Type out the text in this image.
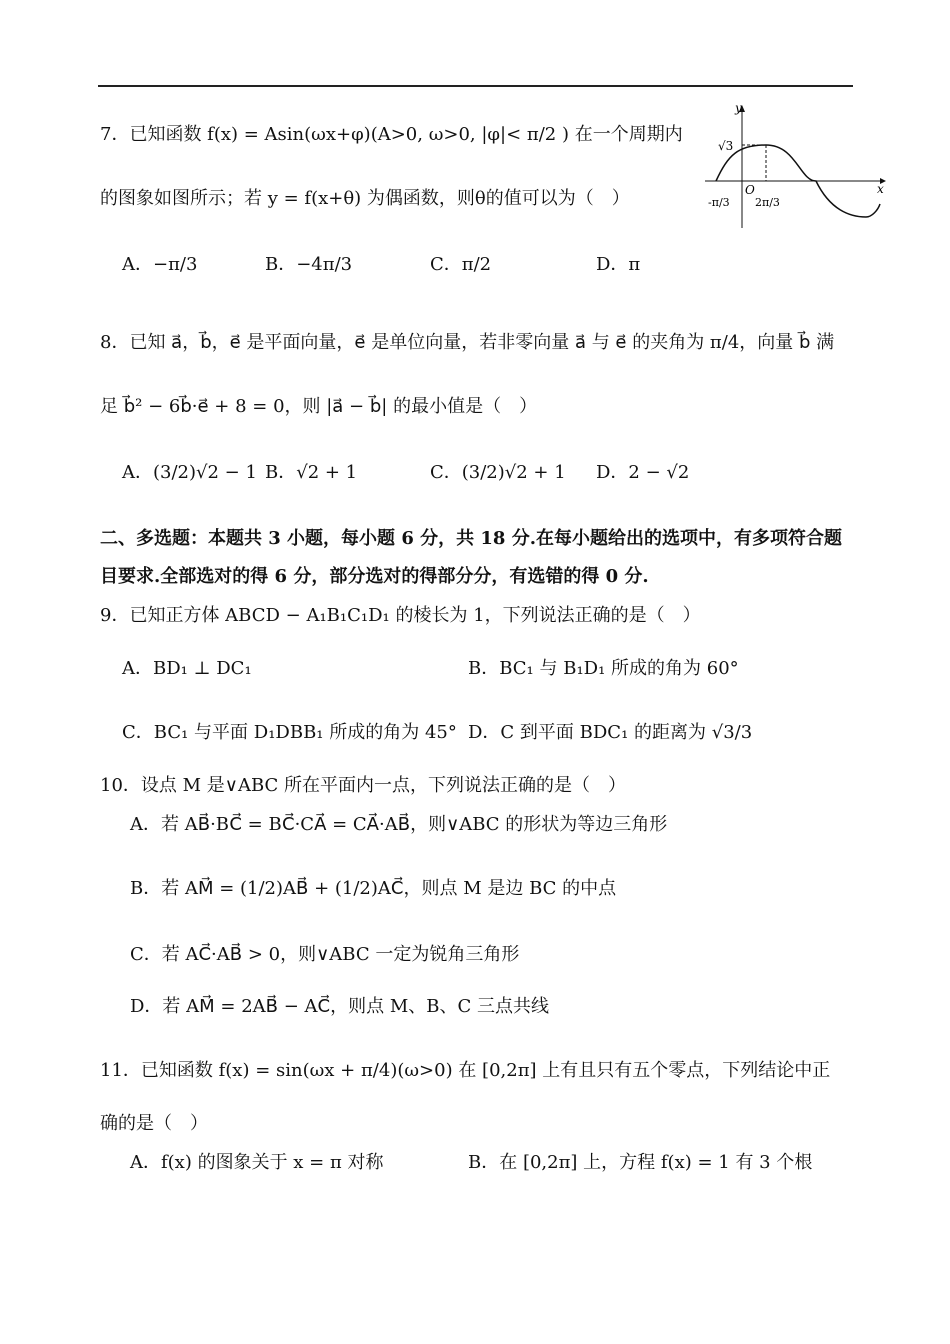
7．已知函数 f(x) = Asin(ωx+φ)(A>0, ω>0, |φ|< π/2 ) 在一个周期内
的图象如图所示；若 y = f(x+θ) 为偶函数，则θ的值可以为（　）
y
x
O
√3
-π/3 2π/3
A．−π/3	B．−4π/3	C．π/2	D．π
8．已知 a⃗，b⃗，e⃗ 是平面向量，e⃗ 是单位向量，若非零向量 a⃗ 与 e⃗ 的夹角为 π/4，向量 b⃗ 满
足 b⃗² − 6b⃗·e⃗ + 8 = 0，则 |a⃗ − b⃗| 的最小值是（　）
A．(3/2)√2 − 1 B．√2 + 1	C．(3/2)√2 + 1 D．2 − √2
二、多选题：本题共 3 小题，每小题 6 分，共 18 分.在每小题给出的选项中，有多项符合题
目要求.全部选对的得 6 分，部分选对的得部分分，有选错的得 0 分.
9．已知正方体 ABCD − A₁B₁C₁D₁ 的棱长为 1，下列说法正确的是（　）
A．BD₁ ⊥ DC₁	B．BC₁ 与 B₁D₁ 所成的角为 60°
C．BC₁ 与平面 D₁DBB₁ 所成的角为 45° D．C 到平面 BDC₁ 的距离为 √3/3
10．设点 M 是∨ABC 所在平面内一点，下列说法正确的是（　）
A．若 AB⃗·BC⃗ = BC⃗·CA⃗ = CA⃗·AB⃗，则∨ABC 的形状为等边三角形
B．若 AM⃗ = (1/2)AB⃗ + (1/2)AC⃗，则点 M 是边 BC 的中点
C．若 AC⃗·AB⃗ > 0，则∨ABC 一定为锐角三角形
D．若 AM⃗ = 2AB⃗ − AC⃗，则点 M、B、C 三点共线
11．已知函数 f(x) = sin(ωx + π/4)(ω>0) 在 [0,2π] 上有且只有五个零点，下列结论中正
确的是（　）
A．f(x) 的图象关于 x = π 对称	B．在 [0,2π] 上，方程 f(x) = 1 有 3 个根
